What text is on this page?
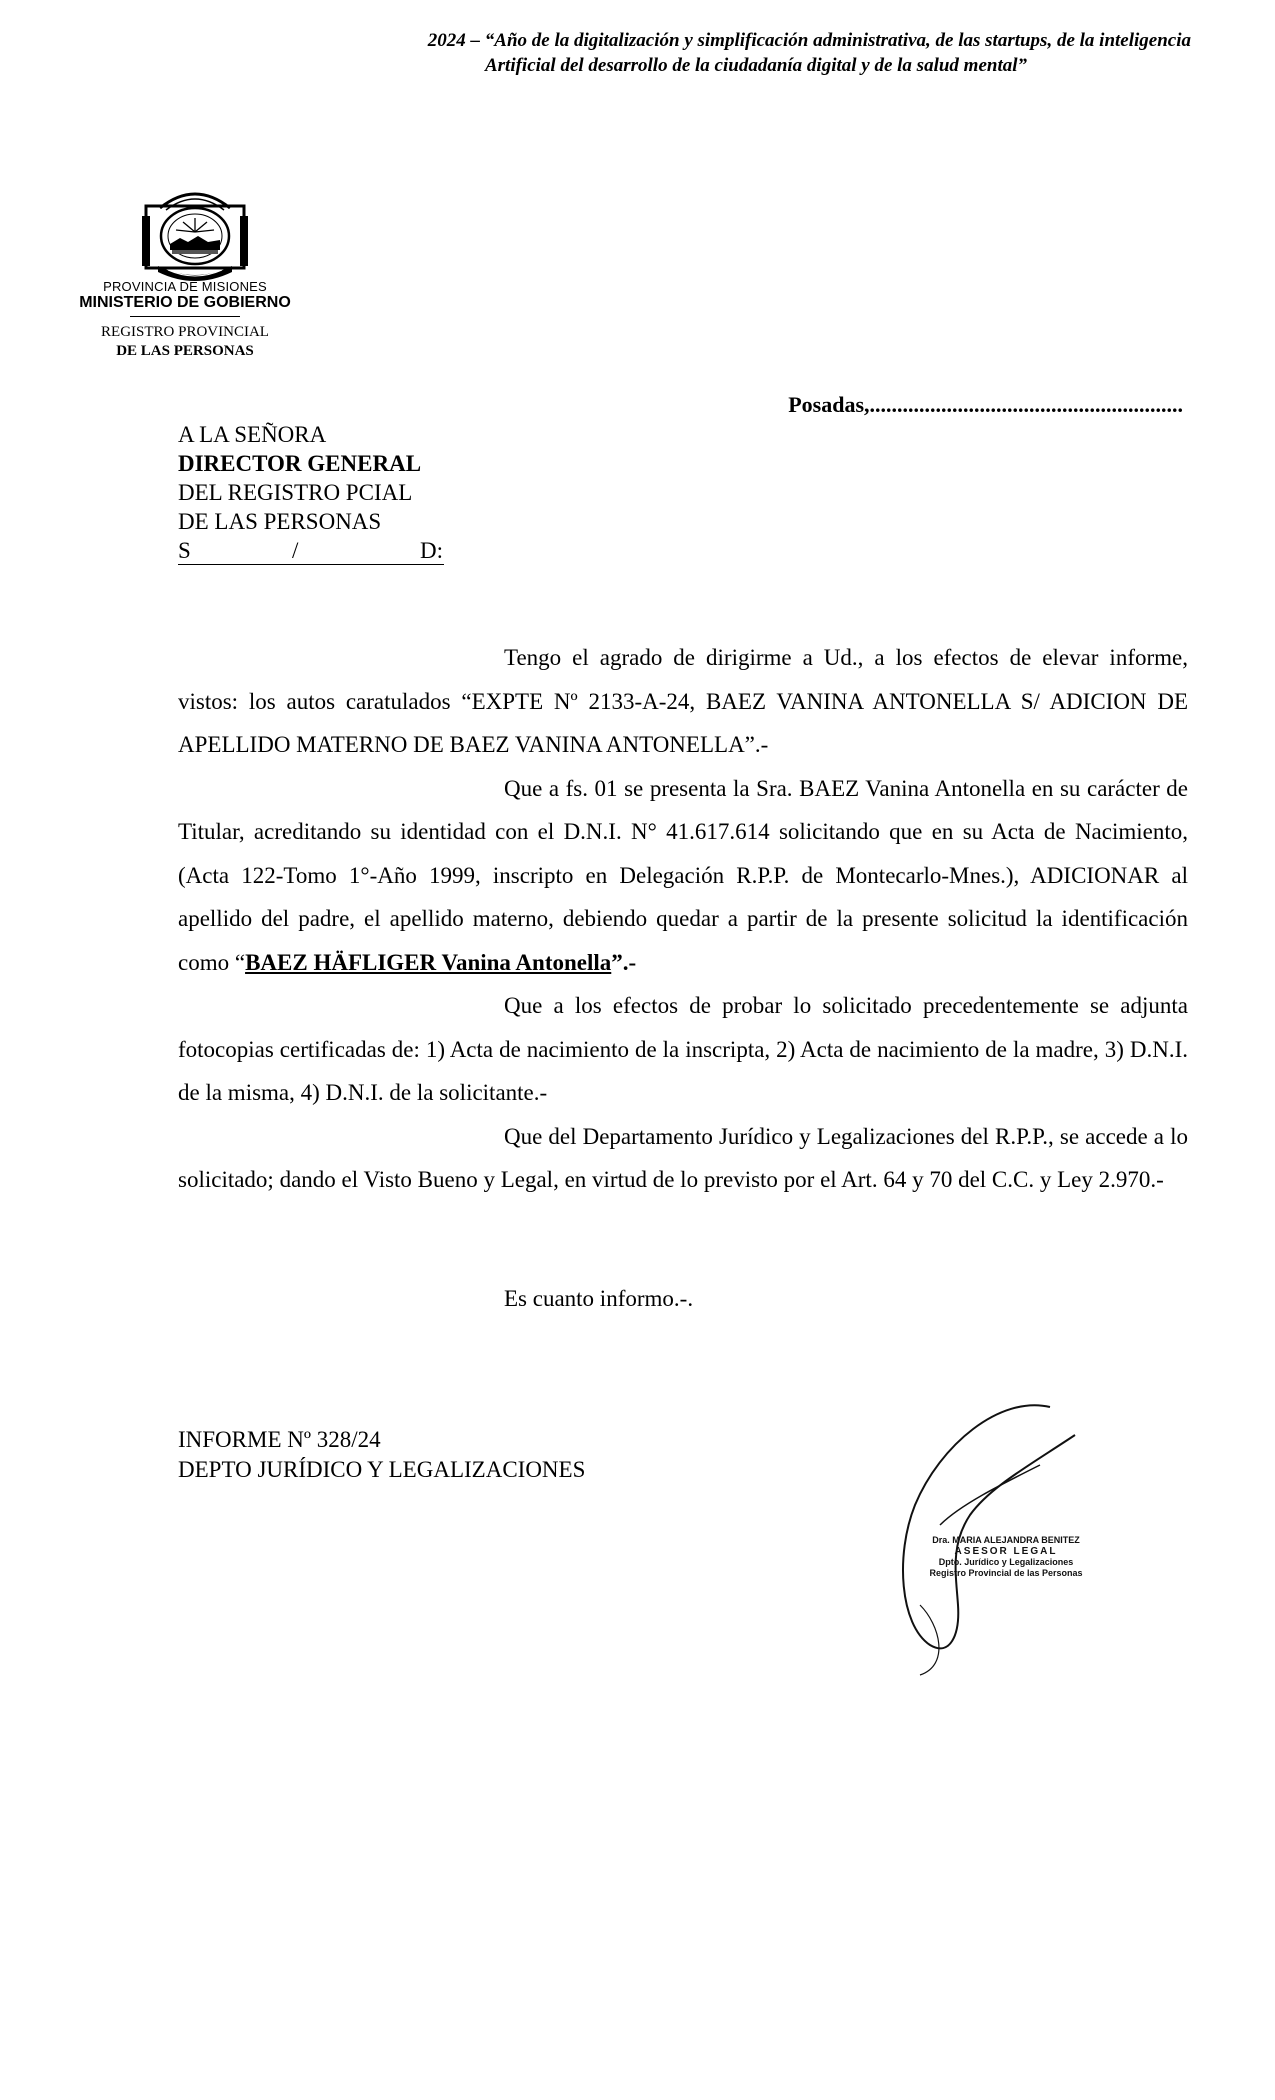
2024 – “Año de la digitalización y simplificación administrativa, de las startups, de la inteligencia
Artificial del desarrollo de la ciudadanía digital y de la salud mental”
PROVINCIA DE MISIONES
MINISTERIO DE GOBIERNO
REGISTRO PROVINCIAL
DE LAS PERSONAS
Posadas,.........................................................
A LA SEÑORA
DIRECTOR GENERAL
DEL REGISTRO PCIAL
DE LAS PERSONAS
S	/	D:

Tengo el agrado de dirigirme a Ud., a los efectos de elevar informe, vistos: los autos caratulados “EXPTE Nº 2133-A-24, BAEZ VANINA ANTONELLA S/ ADICION DE APELLIDO MATERNO DE BAEZ VANINA ANTONELLA”.-

Que a fs. 01 se presenta la Sra. BAEZ Vanina Antonella en su carácter de Titular, acreditando su identidad con el D.N.I. N° 41.617.614 solicitando que en su Acta de Nacimiento, (Acta 122-Tomo 1°-Año 1999, inscripto en Delegación R.P.P. de Montecarlo-Mnes.), ADICIONAR al apellido del padre, el apellido materno, debiendo quedar a partir de la presente solicitud la identificación como “BAEZ HÄFLIGER Vanina Antonella”.-

Que a los efectos de probar lo solicitado precedentemente se adjunta fotocopias certificadas de: 1) Acta de nacimiento de la inscripta, 2) Acta de nacimiento de la madre, 3) D.N.I. de la misma, 4) D.N.I. de la solicitante.-

Que del Departamento Jurídico y Legalizaciones del R.P.P., se accede a lo solicitado; dando el Visto Bueno y Legal, en virtud de lo previsto por el Art. 64 y 70 del C.C. y Ley 2.970.-

Es cuanto informo.-.
INFORME Nº 328/24
DEPTO JURÍDICO Y LEGALIZACIONES
Dra. MARIA ALEJANDRA BENITEZ
ASESOR LEGAL
Dpto. Jurídico y Legalizaciones
Registro Provincial de las Personas
